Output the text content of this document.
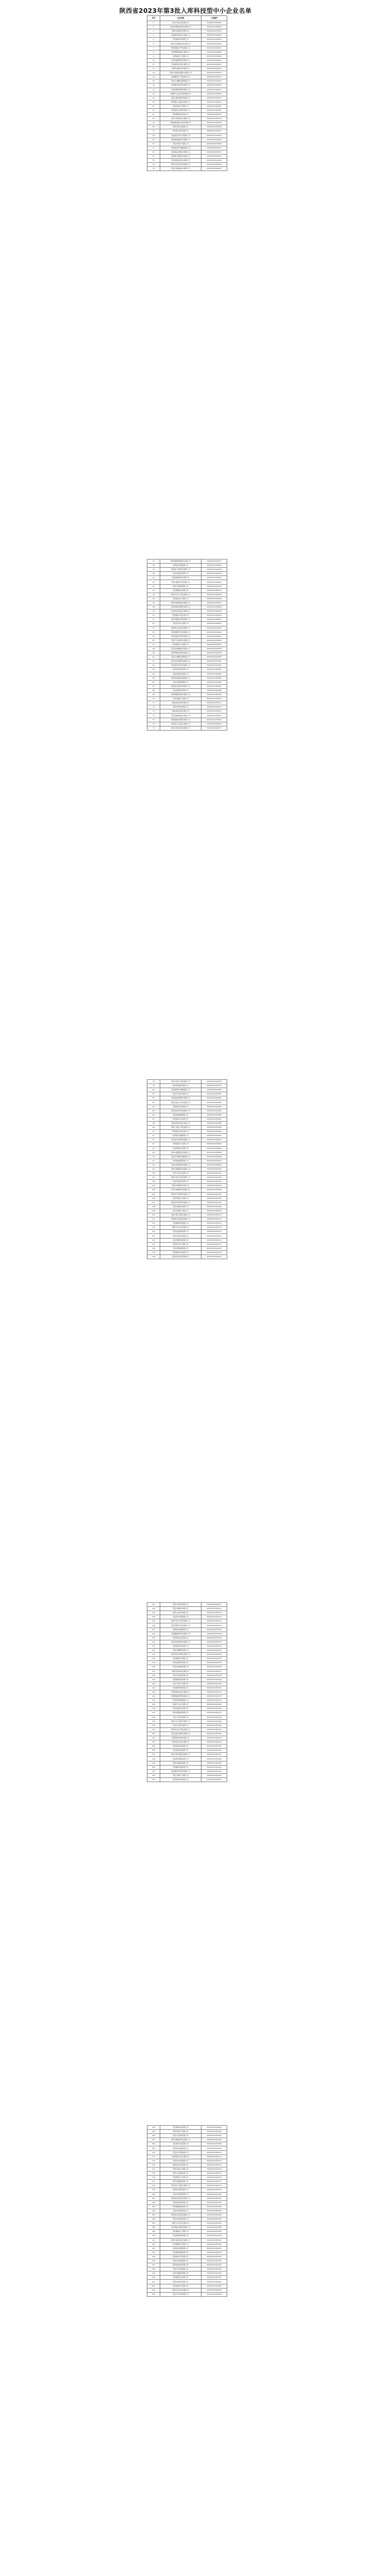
陕西省2023年第3批入库科技型中小企业名单
序号	企业名称	入库编号
1	乐家(中国)卫浴有限公司	202361013100001
2	陕西万博纳米新材料有限公司	202361013100002
3	陕西兴德源科技有限公司	202361013100003
4	西安联创信息技术有限公司	202361013100004
5	西安瑞美科技有限公司	202361013100005
6	西安市中通智能科技有限公司	202361013100006
7	陕西凯越电子科技有限公司	202361013100007
8	西安博赛检测技术有限公司	202361013100008
9	陕西锐科电子有限公司	202361013100009
10	西安宏盛测控科技有限公司	202361013100010
11	西安盛科信息技术有限公司	202361013100011
12	陕西华美新材料有限公司	202361013100012
13	陕西中泰智能装备科技有限公司	202361013100013
14	陕西鑫泽电子科技有限公司	202361013100014
15	西安众合精密机械有限公司	202361013100015
16	西安腾达信息科技有限公司	202361013100016
17	西安智慧能源科技有限公司	202361013100017
18	陕西海天自动化科技有限公司	202361013100018
19	西安汇通环保科技有限公司	202361013100019
20	陕西振华工程技术有限公司	202361013100020
21	西安恒信电气有限公司	202361013100021
22	西安德润生物科技有限公司	202361013100022
23	陕西博远软件有限公司	202361013100023
24	西安天和防务技术有限公司	202361013100024
25	陕西新能源电力科技有限公司	202361013100025
26	西安中科光电有限公司	202361013100026
27	陕西金石科技有限公司	202361013100027
28	西安美尔生物工程有限公司	202361013100028
29	陕西鼎信智能科技有限公司	202361013100029
30	西安华泰电子有限公司	202361013100030
31	陕西康达医疗器械有限公司	202361013100031
32	西安瑞达检测技术有限公司	202361013100032
33	陕西秦川数控科技有限公司	202361013100033
34	西安高新信息技术有限公司	202361013100034
35	陕西天成材料科技有限公司	202361013100035
36	西安宇航通信技术有限公司	202361013100036
37	陕西智联物联网科技有限公司	202361013100037
38	西安顺达机械有限公司	202361013100038
39	陕西蓝天环境科技有限公司	202361013100039
40	西安华信软件有限公司	202361013100040
41	陕西锦程新材料有限公司	202361013100041
42	西安中瑞电气科技有限公司	202361013100042
43	陕西立信检测有限公司	202361013100043
44	西安博通科技有限公司	202361013100044
45	陕西华亿化工科技有限公司	202361013100045
46	西安新能电子有限公司	202361013100046
47	陕西中联测控技术有限公司	202361013100047
48	西安佳德生物科技有限公司	202361013100048
49	陕西明达信息技术有限公司	202361013100049
50	西安瑞盈自动化有限公司	202361013100050
51	陕西卓越软件科技有限公司	202361013100051
52	西安科宇电力有限公司	202361013100052
53	陕西宏达光电科技有限公司	202361013100053
54	西安奥博医疗科技有限公司	202361013100054
55	陕西和盛农业科技有限公司	202361013100055
56	西安天宇建材科技有限公司	202361013100056
57	陕西嘉华电子有限公司	202361013100057
58	西安众创数据科技有限公司	202361013100058
59	陕西利源环保科技有限公司	202361013100059
60	西安京华精密仪器有限公司	202361013100060
61	陕西安达能源科技有限公司	202361013100061
62	西安润华食品科技有限公司	202361013100062
63	陕西泰和信息有限公司	202361013100063
64	西安国信技术有限公司	202361013100064
65	陕西同创智能装备有限公司	202361013100065
66	西安天朗检测有限公司	202361013100066
67	陕西航宇机电科技有限公司	202361013100067
68	西安思源软件有限公司	202361013100068
69	陕西博瑞医药科技有限公司	202361013100069
70	西安恒通电子有限公司	202361013100070
71	陕西金达新材料有限公司	202361013100071
72	西安华辰科技有限公司	202361013100072
73	陕西远航自动化有限公司	202361013100073
74	西安创新通信技术有限公司	202361013100074
75	陕西德康生物科技有限公司	202361013100075
76	西安鸿运工程技术有限公司	202361013100076
77	陕西九州信息科技有限公司	202361013100077
78	西安中创电子科技有限公司	202361013100078
79	陕西华阳软件有限公司	202361013100079
80	西安瑞邦医疗器械有限公司	202361013100080
81	陕西天正科技有限公司	202361013100081
82	西安诚信检测技术有限公司	202361013100082
83	陕西汇能电力科技有限公司	202361013100083
84	西安新科环保有限公司	202361013100084
85	陕西宏远材料科技有限公司	202361013100085
86	西安智信数据有限公司	202361013100086
87	陕西盛世光电有限公司	202361013100087
88	西安金桥信息技术有限公司	202361013100088
89	陕西广源化工科技有限公司	202361013100089
90	西安海创自动化有限公司	202361013100090
91	陕西凯达机械有限公司	202361013100091
92	西安泰华生物科技有限公司	202361013100092
93	陕西诺信电子有限公司	202361013100093
94	西安联邦软件有限公司	202361013100094
95	陕西中盛通信科技有限公司	202361013100095
96	西安东方精密仪器有限公司	202361013100096
97	陕西恒瑞检测有限公司	202361013100097
98	西安永泰能源科技有限公司	202361013100098
99	陕西宇通智能科技有限公司	202361013100099
100	西安万达电气有限公司	202361013100100
101	陕西中和农业科技有限公司	202361013100101
102	西安华锐信息有限公司	202361013100102
103	陕西天鸿新材料有限公司	202361013100103
104	西安汉唐数控科技有限公司	202361013100104
105	陕西百川环境科技有限公司	202361013100105
106	西安启明电子有限公司	202361013100106
107	陕西东华医药科技有限公司	202361013100107
108	西安卓信软件有限公司	202361013100108
109	陕西正源电力有限公司	202361013100109
110	西安中博工程技术有限公司	202361013100110
111	陕西欣达光电科技有限公司	202361013100111
112	西安瑞康生物有限公司	202361013100112
113	陕西天辰自动化有限公司	202361013100113
114	西安信达通信有限公司	202361013100114
115	陕西华科材料有限公司	202361013100115
116	西安宏图科技有限公司	202361013100116
117	陕西恒达电子有限公司	202361013100117
118	西安圣源检测有限公司	202361013100118
119	陕西嘉泰科技有限公司	202361013100119
120	西安新时代信息有限公司	202361013100120
121	陕西中科智能有限公司	202361013100121
122	西安华通机电有限公司	202361013100122
123	陕西立达软件有限公司	202361013100123
124	西安科达环保有限公司	202361013100124
125	陕西天行电子科技有限公司	202361013100125
126	西安同泰医疗科技有限公司	202361013100126
127	陕西宏信检测有限公司	202361013100127
128	西安鑫源材料科技有限公司	202361013100128
129	陕西博达信息有限公司	202361013100129
130	西安华泽能源科技有限公司	202361013100130
131	陕西金鼎光电有限公司	202361013100131
132	西安中航精密有限公司	202361013100132
133	陕西利华生物科技有限公司	202361013100133
134	西安瑞泰电气有限公司	202361013100134
135	陕西安泰软件有限公司	202361013100135
136	西安永信通信有限公司	202361013100136
137	陕西华盛自动化有限公司	202361013100137
138	西安天佑科技有限公司	202361013100138
139	陕西德信材料有限公司	202361013100139
140	西安中宇电子有限公司	202361013100140
141	陕西新源环保有限公司	202361013100141
142	西安海纳信息技术有限公司	202361013100142
143	陕西凯瑞医药科技有限公司	202361013100143
144	西安明泰检测有限公司	202361013100144
145	陕西汇丰电力有限公司	202361013100145
146	西安东盛科技有限公司	202361013100146
147	陕西恒源数控有限公司	202361013100147
148	西安天泽光电有限公司	202361013100148
149	陕西中达工程技术有限公司	202361013100149
150	西安华宇软件有限公司	202361013100150
151	陕西卓达电子科技有限公司	202361013100151
152	西安宏泰生物科技有限公司	202361013100152
153	陕西瑞华新材料有限公司	202361013100153
154	西安诚达自动化有限公司	202361013100154
155	陕西锦华信息有限公司	202361013100155
156	西安盛泰能源有限公司	202361013100156
157	陕西天润环境科技有限公司	202361013100157
158	西安博华通信有限公司	202361013100158
159	陕西中瑞检测有限公司	202361013100159
160	西安鑫达机械有限公司	202361013100160
161	陕西康华医疗科技有限公司	202361013100161
162	西安万通电子有限公司	202361013100162
163	陕西新华软件有限公司	202361013100163
164	西安嘉信科技有限公司	202361013100164
165	陕西华泰电气有限公司	202361013100165
166	西安天宏材料有限公司	202361013100166
167	陕西中通信息科技有限公司	202361013100167
168	西安瑞丰光电有限公司	202361013100168
169	陕西恒安检测有限公司	202361013100169
170	西安东达环保有限公司	202361013100170
171	陕西博泰自动化有限公司	202361013100171
172	西安金华生物有限公司	202361013100172
173	陕西宏达软件有限公司	202361013100173
174	西安中信电力有限公司	202361013100174
175	陕西天安通信有限公司	202361013100175
176	西安新泰电子有限公司	202361013100176
177	陕西华瑞数控有限公司	202361013100177
178	西安利达工程技术有限公司	202361013100178
179	陕西永华科技有限公司	202361013100179
180	西安卓华医药有限公司	202361013100180
181	陕西海达材料科技有限公司	202361013100181
182	西安凯信信息有限公司	202361013100182
183	陕西瑞通检测有限公司	202361013100183
184	西安中泰能源有限公司	202361013100184
185	陕西同达光电科技有限公司	202361013100185
186	西安华安软件有限公司	202361013100186
187	陕西天华自动化有限公司	202361013100187
188	西安德泰生物科技有限公司	202361013100188
189	陕西鑫华电子有限公司	202361013100189
190	西安恒瑞环保有限公司	202361013100190
191	陕西中鼎信息技术有限公司	202361013100191
192	西安博信电气有限公司	202361013100192
193	陕西盛达机械有限公司	202361013100193
194	西安锦泰通信有限公司	202361013100194
195	陕西新达医疗有限公司	202361013100195
196	西安宏华检测有限公司	202361013100196
197	陕西金泰材料有限公司	202361013100197
198	西安天达科技有限公司	202361013100198
199	陕西华通能源有限公司	202361013100199
200	西安瑞信光电有限公司	202361013100200
201	陕西东泰软件有限公司	202361013100201
202	西安诚华电子有限公司	202361013100202
203	陕西中安自动化有限公司	202361013100203
204	西安万华生物有限公司	202361013100204
